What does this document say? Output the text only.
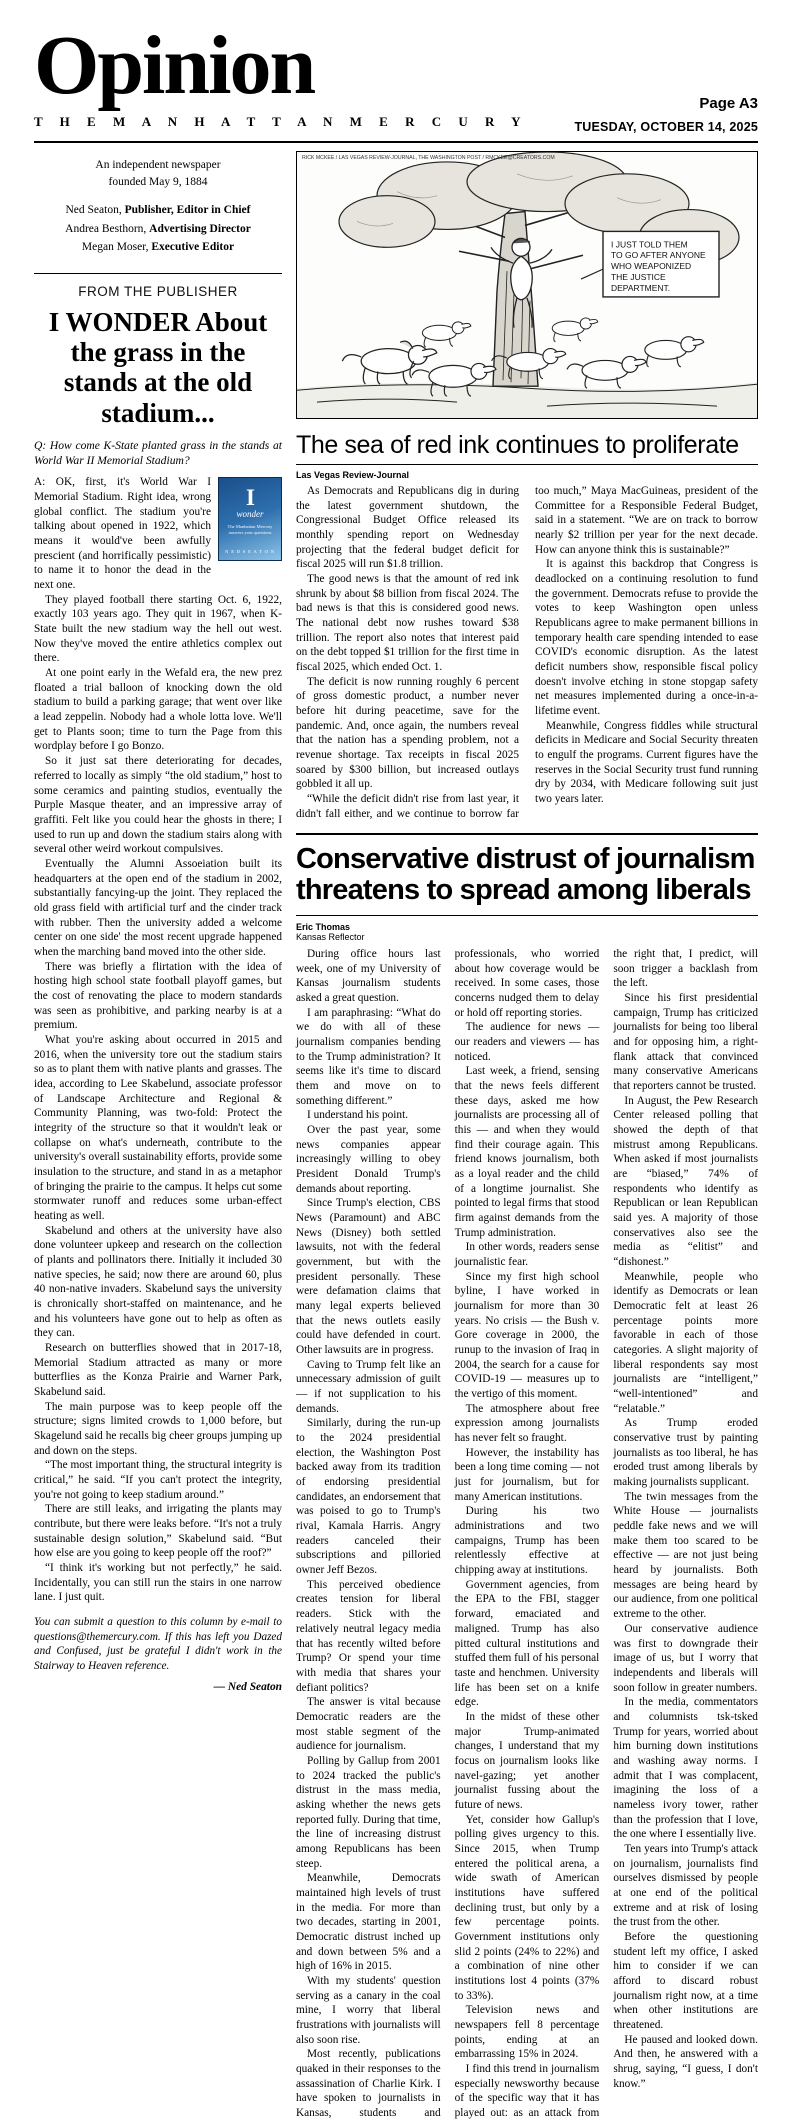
Opinion
T H E M A N H A T T A N M E R C U R Y
Page A3
TUESDAY, OCTOBER 14, 2025
An independent newspaper
founded May 9, 1884
Ned Seaton, Publisher, Editor in Chief
Andrea Besthorn, Advertising Director
Megan Moser, Executive Editor
FROM THE PUBLISHER
I WONDER About the grass in the stands at the old stadium...
Q: How come K-State planted grass in the stands at World War II Memorial Stadium?
I
wonder
The Manhattan Mercury answers your questions
N E D S E A T O N

A: OK, first, it's World War I Memorial Stadium. Right idea, wrong global conflict. The stadium you're talking about opened in 1922, which means it would've been awfully prescient (and horrifically pessimistic) to name it to honor the dead in the next one.

They played football there starting Oct. 6, 1922, exactly 103 years ago. They quit in 1967, when K-State built the new stadium way the hell out west. Now they've moved the entire athletics complex out there.

At one point early in the Wefald era, the new prez floated a trial balloon of knocking down the old stadium to build a parking garage; that went over like a lead zeppelin. Nobody had a whole lotta love. We'll get to Plants soon; time to turn the Page from this wordplay before I go Bonzo.

So it just sat there deteriorating for decades, referred to locally as simply “the old stadium,” host to some ceramics and painting studios, eventually the Purple Masque theater, and an impressive array of graffiti. Felt like you could hear the ghosts in there; I used to run up and down the stadium stairs along with several other weird workout compulsives.

Eventually the Alumni Assoeiation built its headquarters at the open end of the stadium in 2002, substantially fancying-up the joint. They replaced the old grass field with artificial turf and the cinder track with rubber. Then the university added a welcome center on one side' the most recent upgrade happened when the marching band moved into the other side.

There was briefly a flirtation with the idea of hosting high school state football playoff games, but the cost of renovating the place to modern standards was seen as prohibitive, and parking nearby is at a premium.

What you're asking about occurred in 2015 and 2016, when the university tore out the stadium stairs so as to plant them with native plants and grasses. The idea, according to Lee Skabelund, associate professor of Landscape Architecture and Regional & Community Planning, was two-fold: Protect the integrity of the structure so that it wouldn't leak or collapse on what's underneath, contribute to the university's overall sustainability efforts, provide some insulation to the structure, and stand in as a metaphor of bringing the prairie to the campus. It helps cut some stormwater runoff and reduces some urban-effect heating as well.

Skabelund and others at the university have also done volunteer upkeep and research on the collection of plants and pollinators there. Initially it included 30 native species, he said; now there are around 60, plus 40 non-native invaders. Skabelund says the university is chronically short-staffed on maintenance, and he and his volunteers have gone out to help as often as they can.

Research on butterflies showed that in 2017-18, Memorial Stadium attracted as many or more butterflies as the Konza Prairie and Warner Park, Skabelund said.

The main purpose was to keep people off the structure; signs limited crowds to 1,000 before, but Skagelund said he recalls big cheer groups jumping up and down on the steps.

“The most important thing, the structural integrity is critical,” he said. “If you can't protect the integrity, you're not going to keep stadium around.”

There are still leaks, and irrigating the plants may contribute, but there were leaks before. “It's not a truly sustainable design solution,” Skabelund said. “But how else are you going to keep people off the roof?”

“I think it's working but not perfectly,” he said. Incidentally, you can still run the stairs in one narrow lane. I just quit.

You can submit a question to this column by e-mail to questions@themercury.com. If this has left you Dazed and Confused, just be grateful I didn't work in the Stairway to Heaven reference.
— Ned Seaton
I JUST TOLD THEM
TO GO AFTER ANYONE
WHO WEAPONIZED
THE JUSTICE
DEPARTMENT.
RICK MCKEE / LAS VEGAS REVIEW-JOURNAL, THE WASHINGTON POST / RMCKEE@CREATORS.COM
The sea of red ink continues to proliferate
Las Vegas Review-Journal

As Democrats and Republicans dig in during the latest government shutdown, the Congressional Budget Office released its monthly spending report on Wednesday projecting that the federal budget deficit for fiscal 2025 will run $1.8 trillion.

The good news is that the amount of red ink shrunk by about $8 billion from fiscal 2024. The bad news is that this is considered good news. The national debt now rushes toward $38 trillion. The report also notes that interest paid on the debt topped $1 trillion for the first time in fiscal 2025, which ended Oct. 1.

The deficit is now running roughly 6 percent of gross domestic product, a number never before hit during peacetime, save for the pandemic. And, once again, the numbers reveal that the nation has a spending problem, not a revenue shortage. Tax receipts in fiscal 2025 soared by $300 billion, but increased outlays gobbled it all up.

“While the deficit didn't rise from last year, it didn't fall either, and we continue to borrow far too much,” Maya MacGuineas, president of the Committee for a Responsible Federal Budget, said in a statement. “We are on track to borrow nearly $2 trillion per year for the next decade. How can anyone think this is sustainable?”

It is against this backdrop that Congress is deadlocked on a continuing resolution to fund the government. Democrats refuse to provide the votes to keep Washington open unless Republicans agree to make permanent billions in temporary health care spending intended to ease COVID's economic disruption. As the latest deficit numbers show, responsible fiscal policy doesn't involve etching in stone stopgap safety net measures implemented during a once-in-a-lifetime event.

Meanwhile, Congress fiddles while structural deficits in Medicare and Social Security threaten to engulf the programs. Current figures have the reserves in the Social Security trust fund running dry by 2034, with Medicare following suit just two years later.

Conservative distrust of journalism threatens to spread among liberals
Eric Thomas
Kansas Reflector

During office hours last week, one of my University of Kansas journalism students asked a great question.

I am paraphrasing: “What do we do with all of these journalism companies bending to the Trump administration? It seems like it's time to discard them and move on to something different.”

I understand his point.

Over the past year, some news companies appear increasingly willing to obey President Donald Trump's demands about reporting.

Since Trump's election, CBS News (Paramount) and ABC News (Disney) both settled lawsuits, not with the federal government, but with the president personally. These were defamation claims that many legal experts believed that the news outlets easily could have defended in court. Other lawsuits are in progress.

Caving to Trump felt like an unnecessary admission of guilt — if not supplication to his demands.

Similarly, during the run-up to the 2024 presidential election, the Washington Post backed away from its tradition of endorsing presidential candidates, an endorsement that was poised to go to Trump's rival, Kamala Harris. Angry readers canceled their subscriptions and pilloried owner Jeff Bezos.

This perceived obedience creates tension for liberal readers. Stick with the relatively neutral legacy media that has recently wilted before Trump? Or spend your time with media that shares your defiant politics?

The answer is vital because Democratic readers are the most stable segment of the audience for journalism.

Polling by Gallup from 2001 to 2024 tracked the public's distrust in the mass media, asking whether the news gets reported fully. During that time, the line of increasing distrust among Republicans has been steep.

Meanwhile, Democrats maintained high levels of trust in the media. For more than two decades, starting in 2001, Democratic distrust inched up and down between 5% and a high of 16% in 2015.

With my students' question serving as a canary in the coal mine, I worry that liberal frustrations with journalists will also soon rise.

Most recently, publications quaked in their responses to the assassination of Charlie Kirk. I have spoken to journalists in Kansas, students and professionals, who worried about how coverage would be received. In some cases, those concerns nudged them to delay or hold off reporting stories.

The audience for news — our readers and viewers — has noticed.

Last week, a friend, sensing that the news feels different these days, asked me how journalists are processing all of this — and when they would find their courage again. This friend knows journalism, both as a loyal reader and the child of a longtime journalist. She pointed to legal firms that stood firm against demands from the Trump administration.

In other words, readers sense journalistic fear.

Since my first high school byline, I have worked in journalism for more than 30 years. No crisis — the Bush v. Gore coverage in 2000, the runup to the invasion of Iraq in 2004, the search for a cause for COVID-19 — measures up to the vertigo of this moment.

The atmosphere about free expression among journalists has never felt so fraught.

However, the instability has been a long time coming — not just for journalism, but for many American institutions.

During his two administrations and two campaigns, Trump has been relentlessly effective at chipping away at institutions.

Government agencies, from the EPA to the FBI, stagger forward, emaciated and maligned. Trump has also pitted cultural institutions and stuffed them full of his personal taste and henchmen. University life has been set on a knife edge.

In the midst of these other major Trump-animated changes, I understand that my focus on journalism looks like navel-gazing; yet another journalist fussing about the future of news.

Yet, consider how Gallup's polling gives urgency to this. Since 2015, when Trump entered the political arena, a wide swath of American institutions have suffered declining trust, but only by a few percentage points. Government institutions only slid 2 points (24% to 22%) and a combination of nine other institutions lost 4 points (37% to 33%).

Television news and newspapers fell 8 percentage points, ending at an embarrassing 15% in 2024.

I find this trend in journalism especially newsworthy because of the specific way that it has played out: as an attack from the right that, I predict, will soon trigger a backlash from the left.

Since his first presidential campaign, Trump has criticized journalists for being too liberal and for opposing him, a right-flank attack that convinced many conservative Americans that reporters cannot be trusted.

In August, the Pew Research Center released polling that showed the depth of that mistrust among Republicans. When asked if most journalists are “biased,” 74% of respondents who identify as Republican or lean Republican said yes. A majority of those conservatives also see the media as “elitist” and “dishonest.”

Meanwhile, people who identify as Democrats or lean Democratic felt at least 26 percentage points more favorable in each of those categories. A slight majority of liberal respondents say most journalists are “intelligent,” “well-intentioned” and “relatable.”

As Trump eroded conservative trust by painting journalists as too liberal, he has eroded trust among liberals by making journalists supplicant.

The twin messages from the White House — journalists peddle fake news and we will make them too scared to be effective — are not just being heard by journalists. Both messages are being heard by our audience, from one political extreme to the other.

Our conservative audience was first to downgrade their image of us, but I worry that independents and liberals will soon follow in greater numbers.

In the media, commentators and columnists tsk-tsked Trump for years, worried about him burning down institutions and washing away norms. I admit that I was complacent, imagining the loss of a nameless ivory tower, rather than the profession that I love, the one where I essentially live.

Ten years into Trump's attack on journalism, journalists find ourselves dismissed by people at one end of the political extreme and at risk of losing the trust from the other.

Before the questioning student left my office, I asked him to consider if we can afford to discard robust journalism right now, at a time when other institutions are threatened.

He paused and looked down. And then, he answered with a shrug, saying, “I guess, I don't know.”
